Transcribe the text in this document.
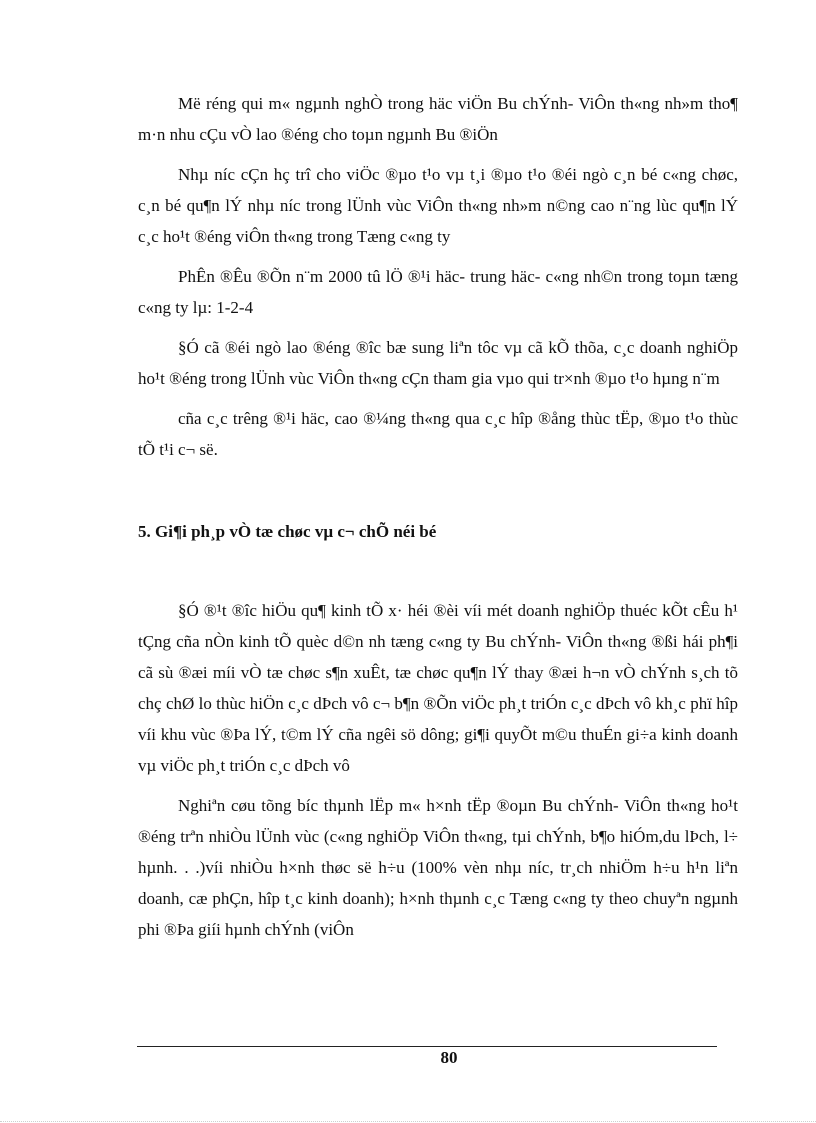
Më réng qui m« ngµnh nghÒ trong häc viÖn Bu chÝnh- ViÔn th«ng nh»m tho¶ m·n nhu cÇu vÒ lao ®éng cho toµn ngµnh Bu ®iÖn

Nhµ níc cÇn hç trî cho viÖc ®µo t¹o vµ t¸i ®µo t¹o ®éi ngò c¸n bé c«ng chøc, c¸n bé qu¶n lÝ nhµ níc trong lÜnh vùc ViÔn th«ng nh»m n©ng cao n¨ng lùc qu¶n lÝ c¸c ho¹t ®éng viÔn th«ng trong Tæng c«ng ty

PhÊn ®Êu ®Õn n¨m 2000 tû lÖ ®¹i häc- trung häc- c«ng nh©n trong toµn tæng c«ng ty lµ: 1-2-4

§Ó cã ®éi ngò lao ®éng ®îc bæ sung liªn tôc vµ cã kÕ thõa, c¸c doanh nghiÖp ho¹t ®éng trong lÜnh vùc ViÔn th«ng cÇn tham gia vµo qui tr×nh ®µo t¹o hµng n¨m

cña c¸c trêng ®¹i häc, cao ®¼ng th«ng qua c¸c hîp ®ång thùc tËp, ®µo t¹o thùc tÕ t¹i c¬ së.

5. Gi¶i ph¸p vÒ tæ chøc vµ c¬ chÕ néi bé

§Ó ®¹t ®îc hiÖu qu¶ kinh tÕ x· héi ®èi víi mét doanh nghiÖp thuéc kÕt cÊu h¹ tÇng cña nÒn kinh tÕ quèc d©n nh tæng c«ng ty Bu chÝnh- ViÔn th«ng ®ßi hái ph¶i cã sù ®æi míi vÒ tæ chøc s¶n xuÊt, tæ chøc qu¶n lÝ thay ®æi h¬n vÒ chÝnh s¸ch tõ chç chØ lo thùc hiÖn c¸c dÞch vô c¬ b¶n ®Õn viÖc ph¸t triÓn c¸c dÞch vô kh¸c phï hîp víi khu vùc ®Þa lÝ, t©m lÝ cña ngêi sö dông; gi¶i quyÕt m©u thuÉn gi÷a kinh doanh vµ viÖc ph¸t triÓn c¸c dÞch vô

Nghiªn cøu tõng bíc thµnh lËp m« h×nh tËp ®oµn Bu chÝnh- ViÔn th«ng ho¹t ®éng trªn nhiÒu lÜnh vùc (c«ng nghiÖp ViÔn th«ng, tµi chÝnh, b¶o hiÓm,du lÞch, l÷ hµnh. . .)víi nhiÒu h×nh thøc së h÷u (100% vèn nhµ níc, tr¸ch nhiÖm h÷u h¹n liªn doanh, cæ phÇn, hîp t¸c kinh doanh); h×nh thµnh c¸c Tæng c«ng ty theo chuyªn ngµnh phi ®Þa giíi hµnh chÝnh (viÔn

80
